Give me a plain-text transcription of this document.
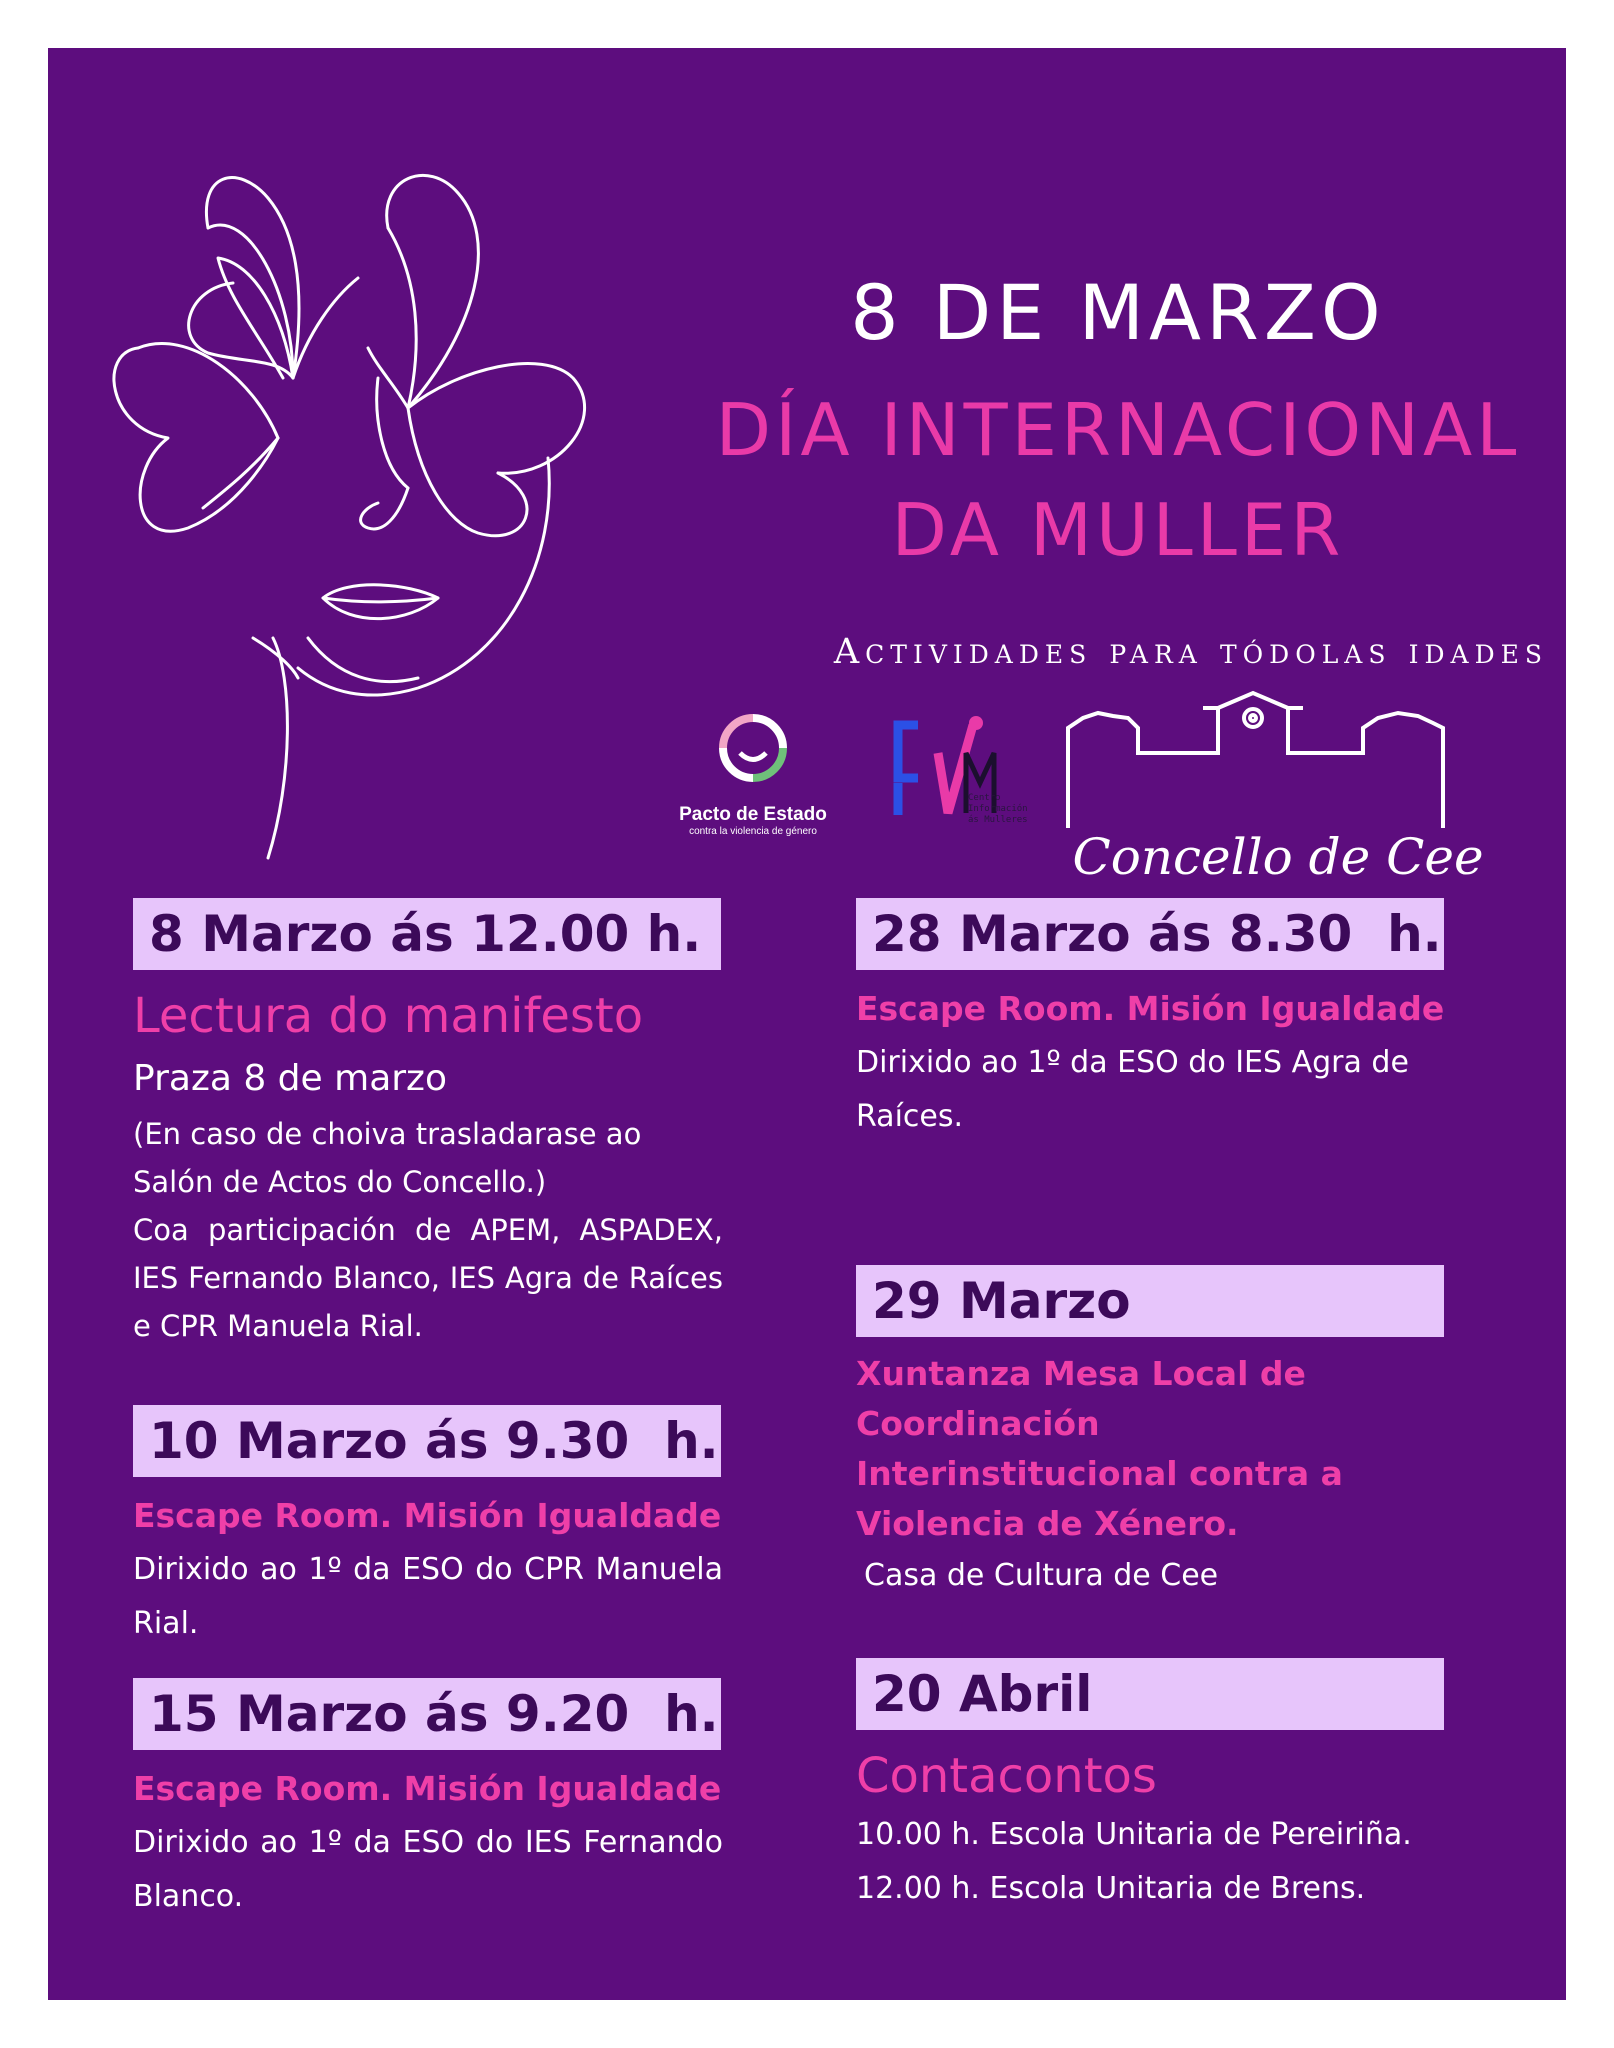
8 DE MARZO
DÍA INTERNACIONAL
DA MULLER
Actividades para tódolas idades
Pacto de Estado
contra la violencia de género
Centro Información ás Mulleres
Concello de Cee
8 Marzo ás 12.00 h.
Lectura do manifesto
Praza 8 de marzo
(En caso de choiva trasladarase ao Salón de Actos do Concello.)
Coa participación de APEM, ASPADEX, IES Fernando Blanco, IES Agra de Raíces e CPR Manuela Rial.
10 Marzo ás 9.30  h.
Escape Room. Misión Igualdade
Dirixido ao 1º da ESO do CPR Manuela Rial.
15 Marzo ás 9.20  h.
Escape Room. Misión Igualdade
Dirixido ao 1º da ESO do IES Fernando Blanco.
28 Marzo ás 8.30  h.
Escape Room. Misión Igualdade
Dirixido ao 1º da ESO do IES Agra de Raíces.
29 Marzo
Xuntanza Mesa Local de Coordinación Interinstitucional contra a Violencia de Xénero.
Casa de Cultura de Cee
20 Abril
Contacontos
10.00 h. Escola Unitaria de Pereiriña.
12.00 h. Escola Unitaria de Brens.
